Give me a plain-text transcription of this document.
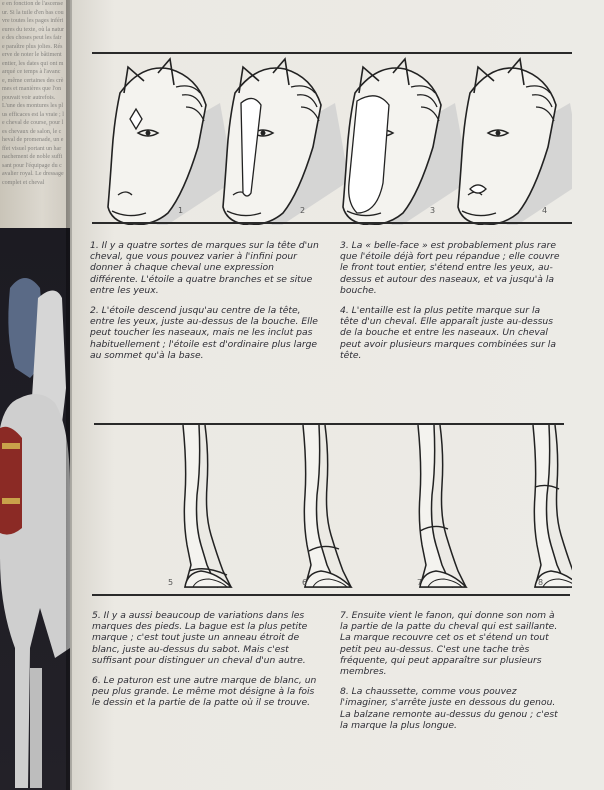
e en fonction de l'ascenseur. Si la tuile d'en bas couvre toutes les pages inférieures du texte, où la nature des choses peut les faire paraître plus jolies. Réserve de noter le bâtiment entier, les dates qui ont marqué ce temps à l'avance, même certaines des crèmes et manières que l'on pouvait voir autrefois. L'une des montures les plus efficaces est la vraie ; le cheval de course, pour les chevaux de salon, le cheval de promenade, un effet visuel portant un harnachement de noble suffisant pour l'équipage du cavalier royal. Le dressage complet et cheval
1	2	3	4

1. Il y a quatre sortes de marques sur la tête d'un cheval, que vous pouvez varier à l'infini pour donner à chaque cheval une expression différente. L'étoile a quatre branches et se situe entre les yeux.

2. L'étoile descend jusqu'au centre de la tête, entre les yeux, juste au-dessus de la bouche. Elle peut toucher les naseaux, mais ne les inclut pas habituellement ; l'étoile est d'ordinaire plus large au sommet qu'à la base.

3. La « belle-face » est probablement plus rare que l'étoile déjà fort peu répandue ; elle couvre le front tout entier, s'étend entre les yeux, au-dessus et autour des naseaux, et va jusqu'à la bouche.

4. L'entaille est la plus petite marque sur la tête d'un cheval. Elle apparaît juste au-dessus de la bouche et entre les naseaux. Un cheval peut avoir plusieurs marques combinées sur la tête.

5	6	7	8

5. Il y a aussi beaucoup de variations dans les marques des pieds. La bague est la plus petite marque ; c'est tout juste un anneau étroit de blanc, juste au-dessus du sabot. Mais c'est suffisant pour distinguer un cheval d'un autre.

6. Le paturon est une autre marque de blanc, un peu plus grande. Le même mot désigne à la fois le dessin et la partie de la patte où il se trouve.

7. Ensuite vient le fanon, qui donne son nom à la partie de la patte du cheval qui est saillante. La marque recouvre cet os et s'étend un tout petit peu au-dessus. C'est une tache très fréquente, qui peut apparaître sur plusieurs membres.

8. La chaussette, comme vous pouvez l'imaginer, s'arrête juste en dessous du genou. La balzane remonte au-dessus du genou ; c'est la marque la plus longue.
